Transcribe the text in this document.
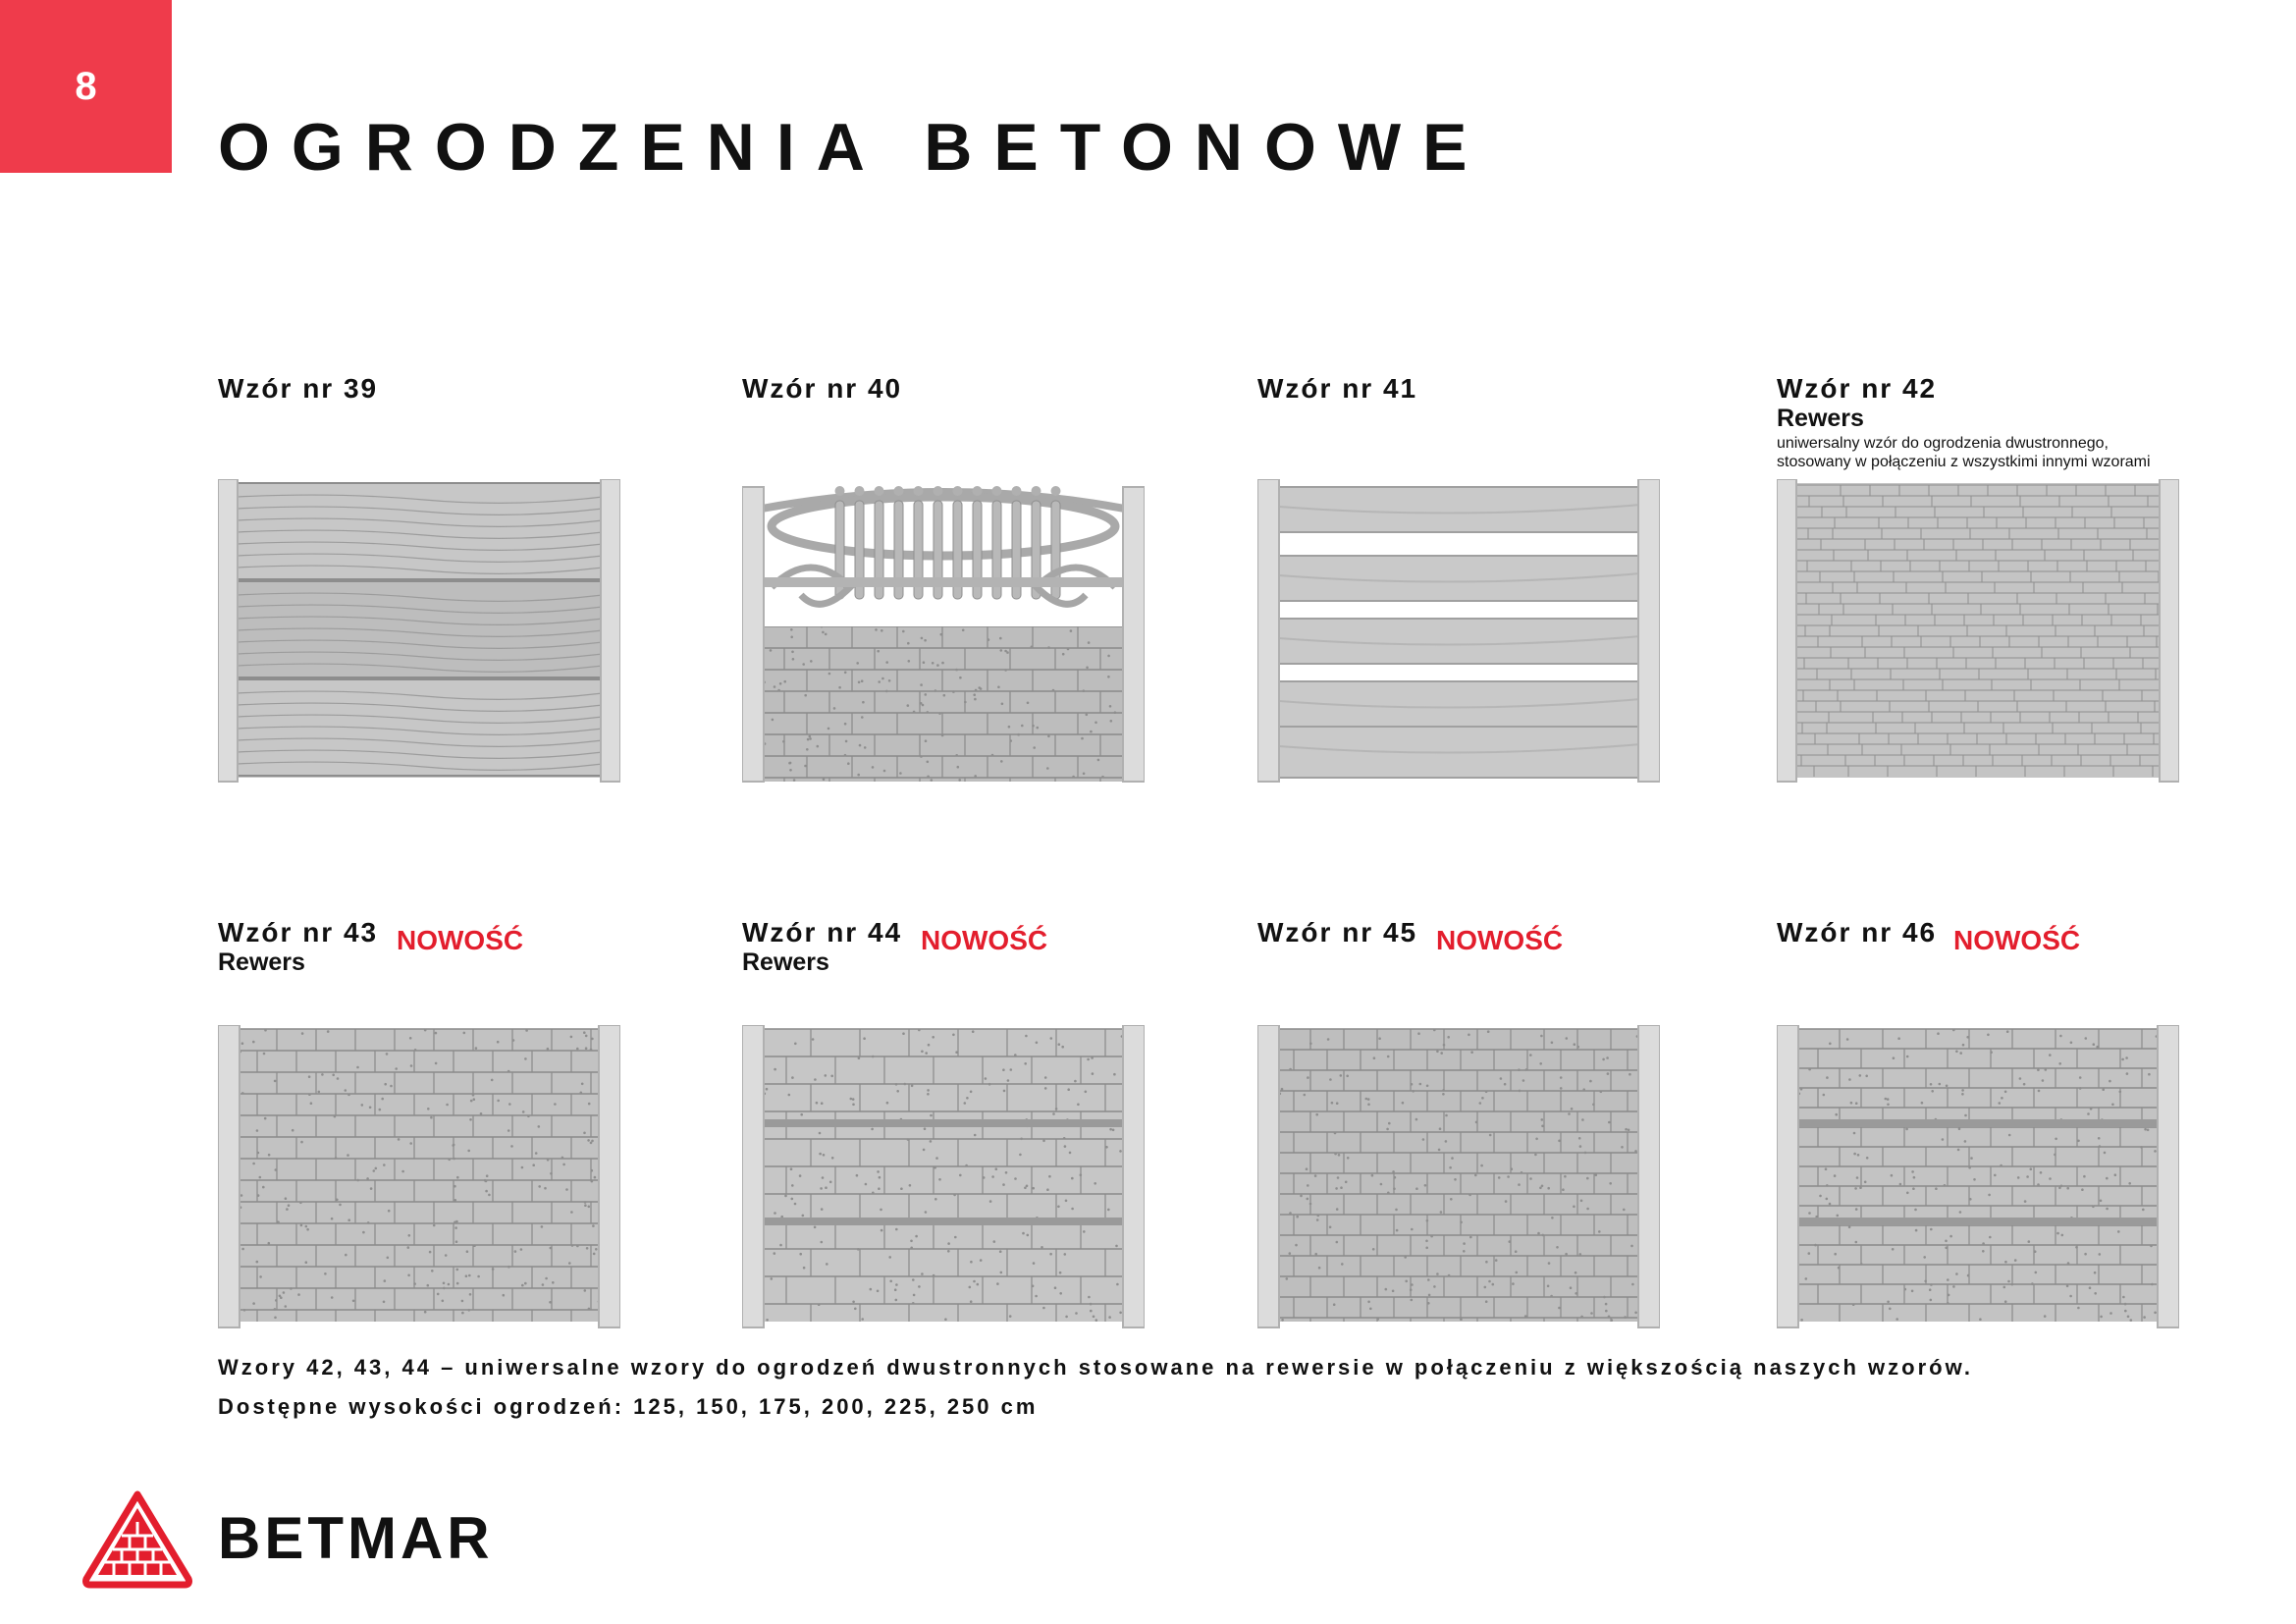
8
OGRODZENIA BETONOWE
Wzór nr 39	Wzór nr 40	Wzór nr 41	Wzór nr 42
Rewers
uniwersalny wzór do ogrodzenia dwustronnego,
stosowany w połączeniu z wszystkimi innymi wzorami
Wzór nr 43 NOWOŚĆ
Rewers
Wzór nr 44 NOWOŚĆ
Rewers
Wzór nr 45 NOWOŚĆ	Wzór nr 46 NOWOŚĆ
Wzory 42, 43, 44 – uniwersalne wzory do ogrodzeń dwustronnych stosowane na rewersie w połączeniu z większością naszych wzorów.
Dostępne wysokości ogrodzeń: 125, 150, 175, 200, 225, 250 cm
BETMAR
